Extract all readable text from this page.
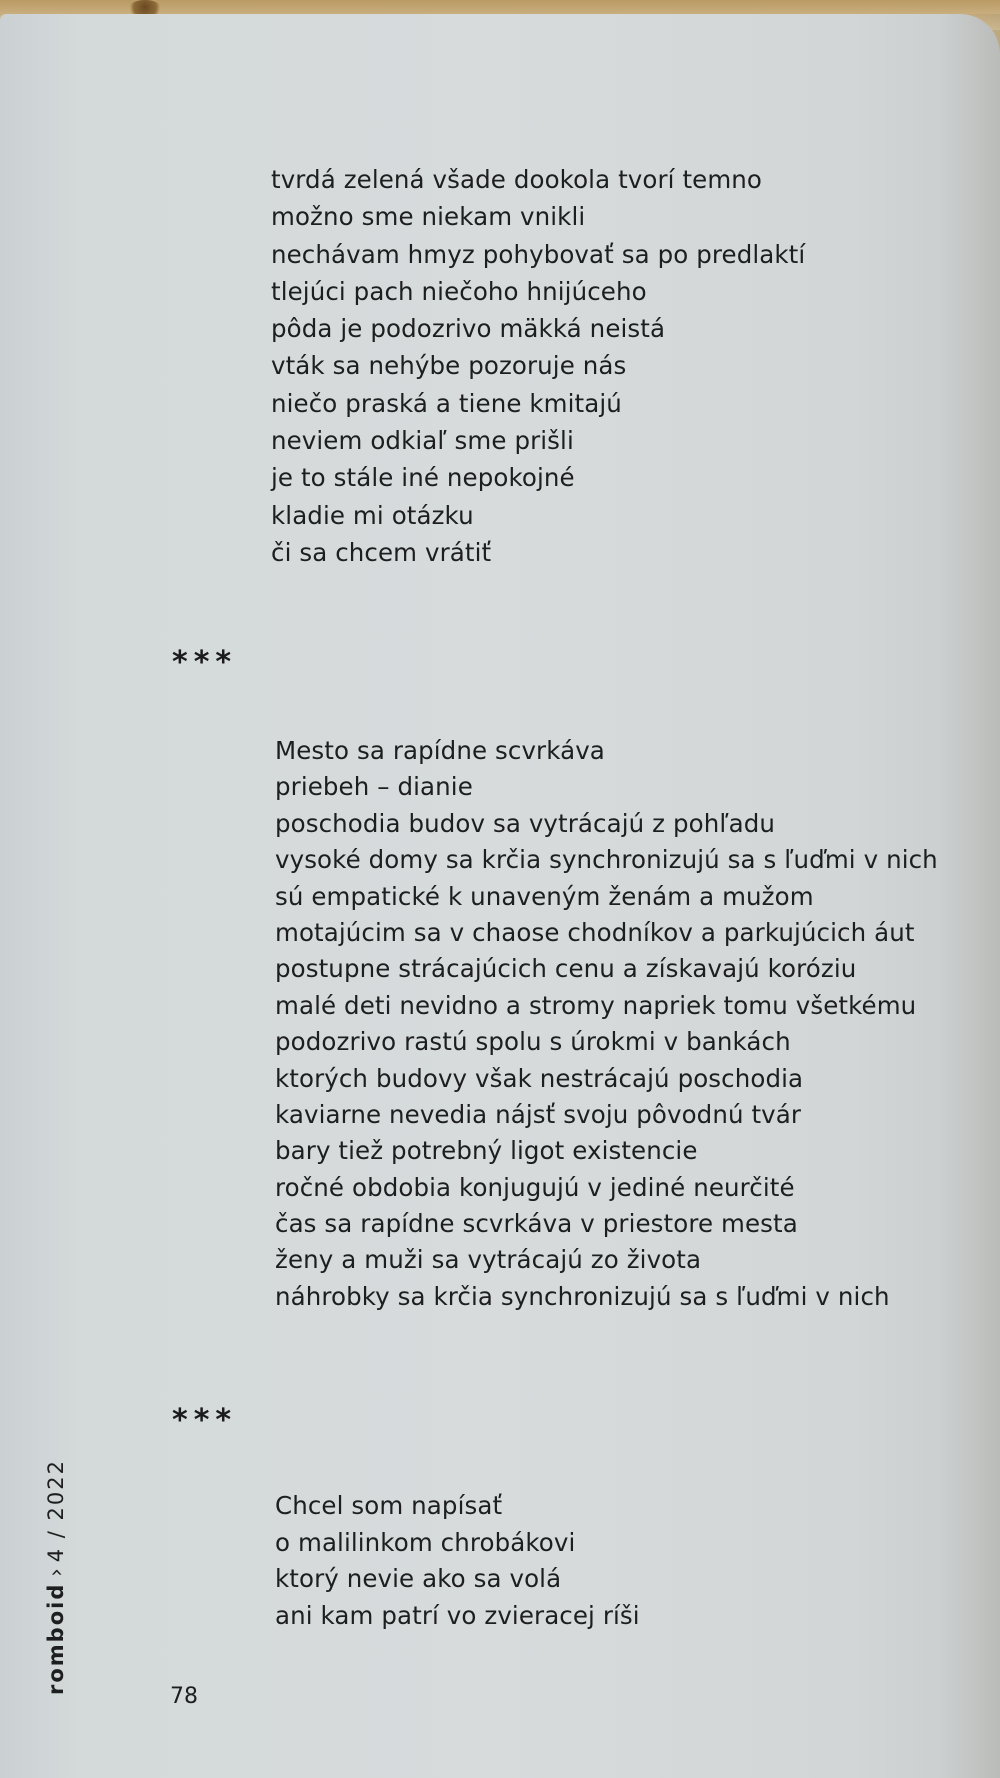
tvrdá zelená všade dookola tvorí temno
možno sme niekam vnikli
nechávam hmyz pohybovať sa po predlaktí
tlejúci pach niečoho hnijúceho
pôda je podozrivo mäkká neistá
vták sa nehýbe pozoruje nás
niečo praská a tiene kmitajú
neviem odkiaľ sme prišli
je to stále iné nepokojné
kladie mi otázku
či sa chcem vrátiť
***
Mesto sa rapídne scvrkáva
priebeh – dianie
poschodia budov sa vytrácajú z pohľadu
vysoké domy sa krčia synchronizujú sa s ľuďmi v nich
sú empatické k unaveným ženám a mužom
motajúcim sa v chaose chodníkov a parkujúcich áut
postupne strácajúcich cenu a získavajú koróziu
malé deti nevidno a stromy napriek tomu všetkému
podozrivo rastú spolu s úrokmi v bankách
ktorých budovy však nestrácajú poschodia
kaviarne nevedia nájsť svoju pôvodnú tvár
bary tiež potrebný ligot existencie
ročné obdobia konjugujú v jediné neurčité
čas sa rapídne scvrkáva v priestore mesta
ženy a muži sa vytrácajú zo života
náhrobky sa krčia synchronizujú sa s ľuďmi v nich
***
Chcel som napísať
o malilinkom chrobákovi
ktorý nevie ako sa volá
ani kam patrí vo zvieracej ríši
romboid›4 / 2022
78
